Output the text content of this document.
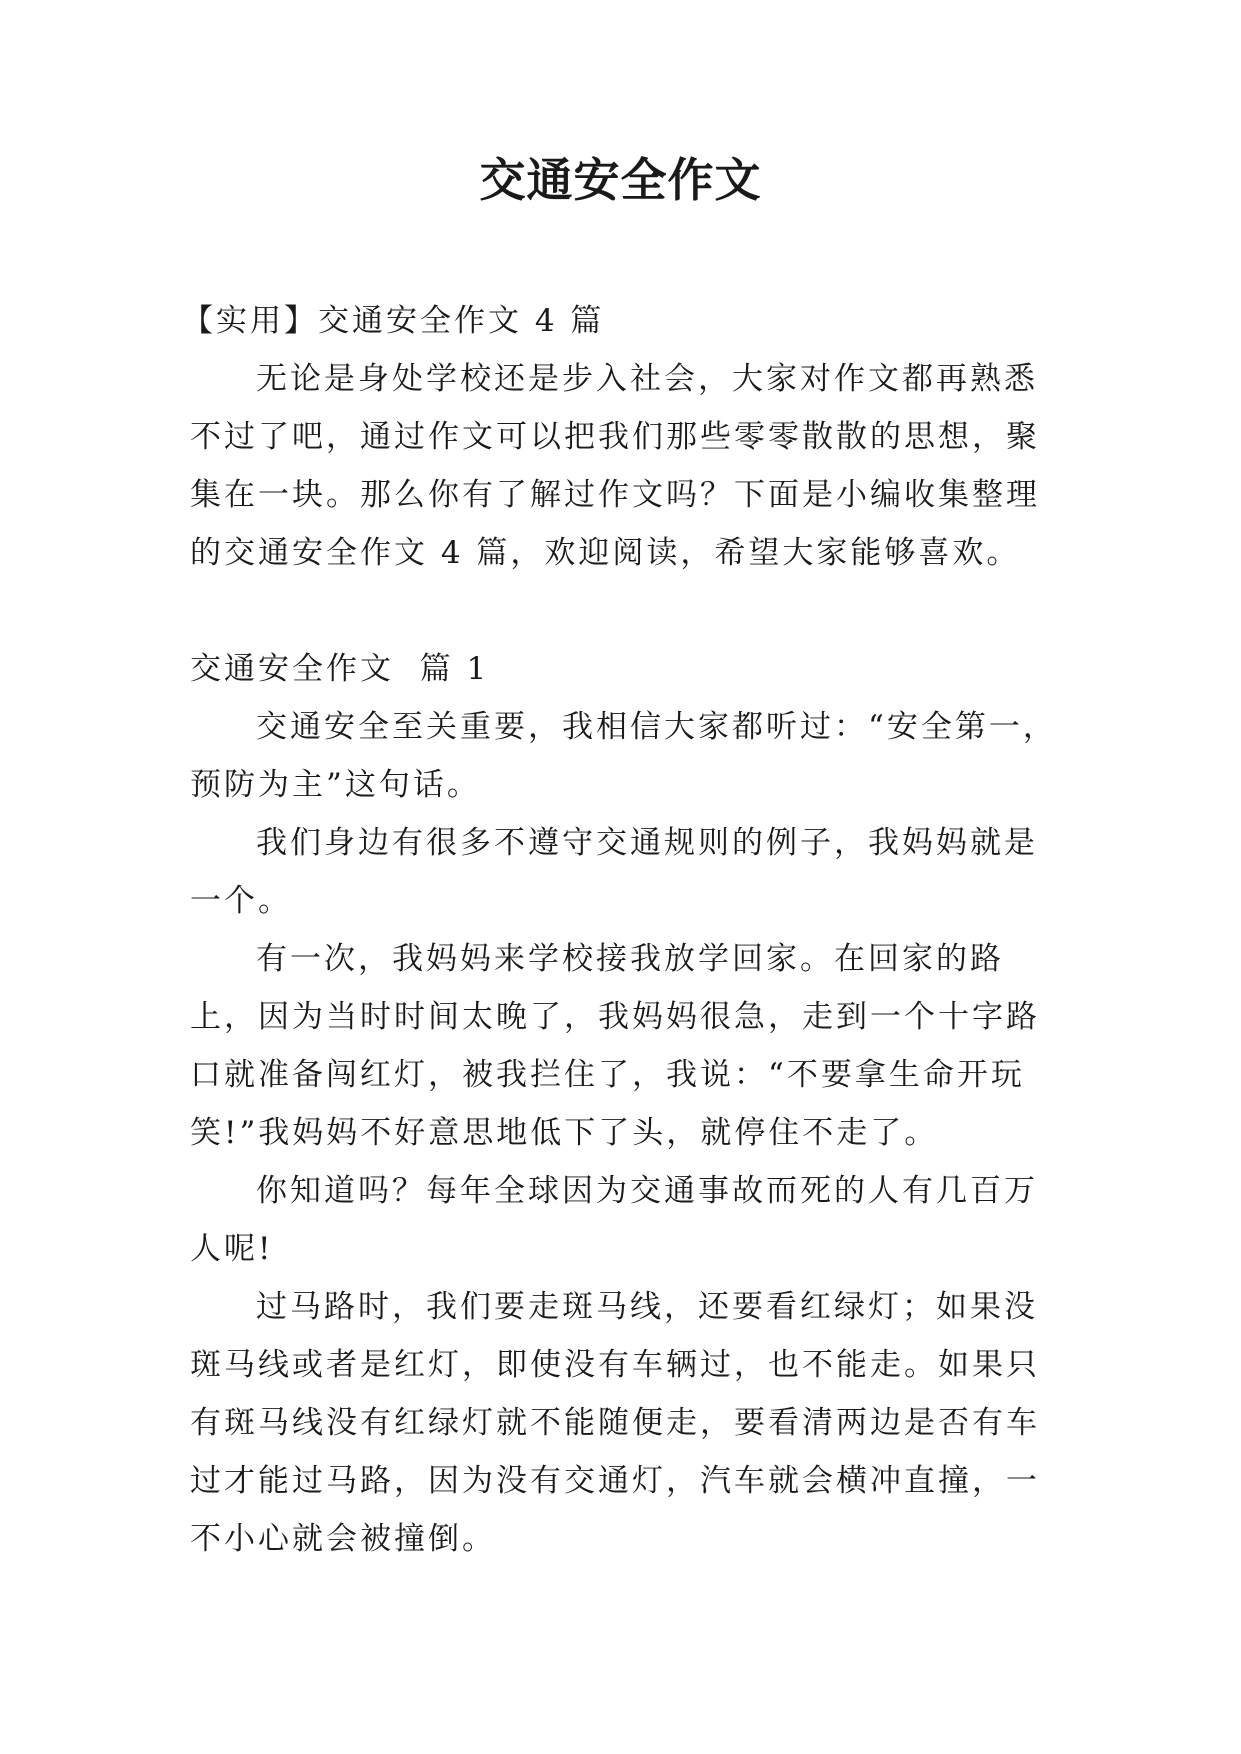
交通安全作文

【实用】交通安全作文 4 篇

无论是身处学校还是步入社会，大家对作文都再熟悉不过了吧，通过作文可以把我们那些零零散散的思想，聚集在一块。那么你有了解过作文吗？下面是小编收集整理的交通安全作文 4 篇，欢迎阅读，希望大家能够喜欢。

交通安全作文  篇 1

交通安全至关重要，我相信大家都听过：“安全第一，预防为主”这句话。

我们身边有很多不遵守交通规则的例子，我妈妈就是一个。

有一次，我妈妈来学校接我放学回家。在回家的路上，因为当时时间太晚了，我妈妈很急，走到一个十字路口就准备闯红灯，被我拦住了，我说：“不要拿生命开玩笑!”我妈妈不好意思地低下了头，就停住不走了。

你知道吗？每年全球因为交通事故而死的人有几百万人呢!

过马路时，我们要走斑马线，还要看红绿灯；如果没斑马线或者是红灯，即使没有车辆过，也不能走。如果只有斑马线没有红绿灯就不能随便走，要看清两边是否有车过才能过马路，因为没有交通灯，汽车就会横冲直撞，一不小心就会被撞倒。
